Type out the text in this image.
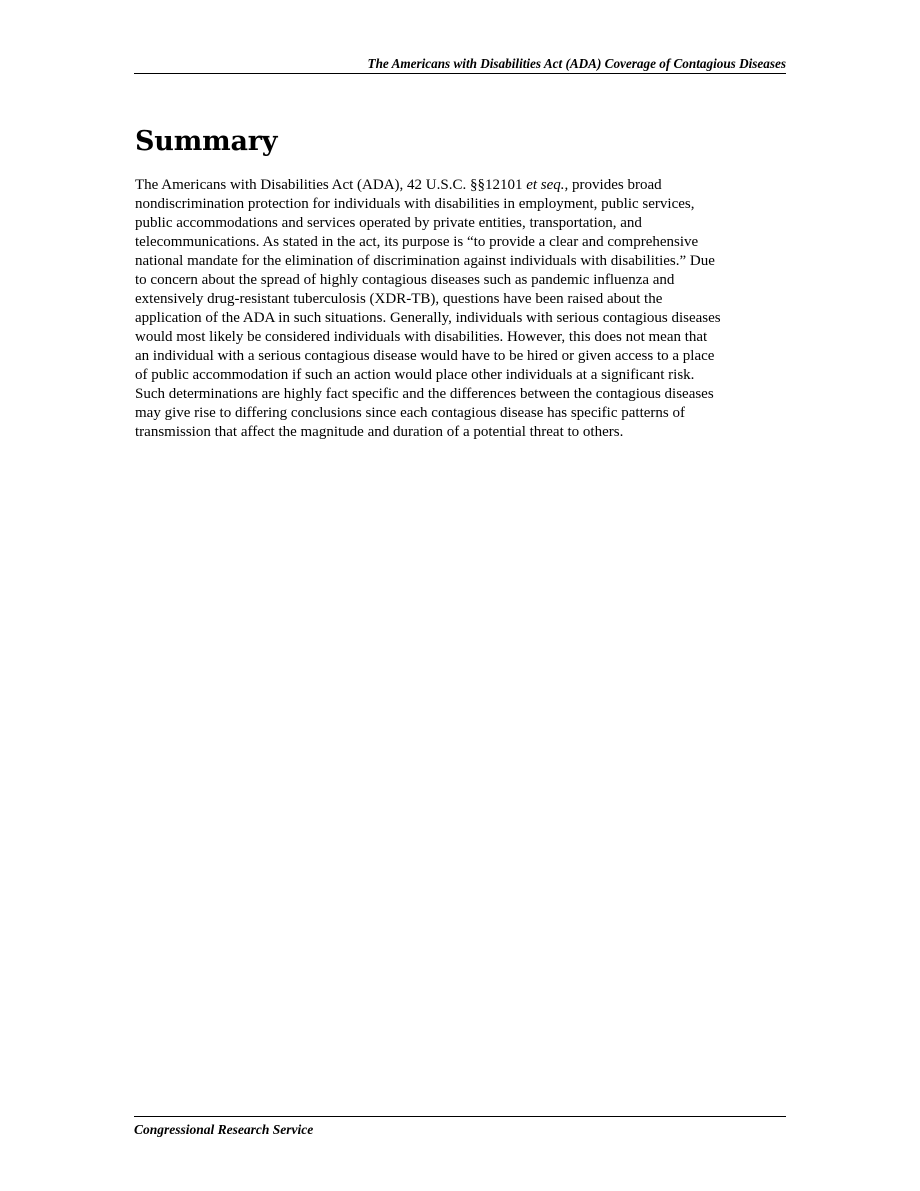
The Americans with Disabilities Act (ADA) Coverage of Contagious Diseases
Summary

The Americans with Disabilities Act (ADA), 42 U.S.C. §§12101 et seq., provides broad
nondiscrimination protection for individuals with disabilities in employment, public services,
public accommodations and services operated by private entities, transportation, and
telecommunications. As stated in the act, its purpose is “to provide a clear and comprehensive
national mandate for the elimination of discrimination against individuals with disabilities.” Due
to concern about the spread of highly contagious diseases such as pandemic influenza and
extensively drug-resistant tuberculosis (XDR-TB), questions have been raised about the
application of the ADA in such situations. Generally, individuals with serious contagious diseases
would most likely be considered individuals with disabilities. However, this does not mean that
an individual with a serious contagious disease would have to be hired or given access to a place
of public accommodation if such an action would place other individuals at a significant risk.
Such determinations are highly fact specific and the differences between the contagious diseases
may give rise to differing conclusions since each contagious disease has specific patterns of
transmission that affect the magnitude and duration of a potential threat to others.

Congressional Research Service
